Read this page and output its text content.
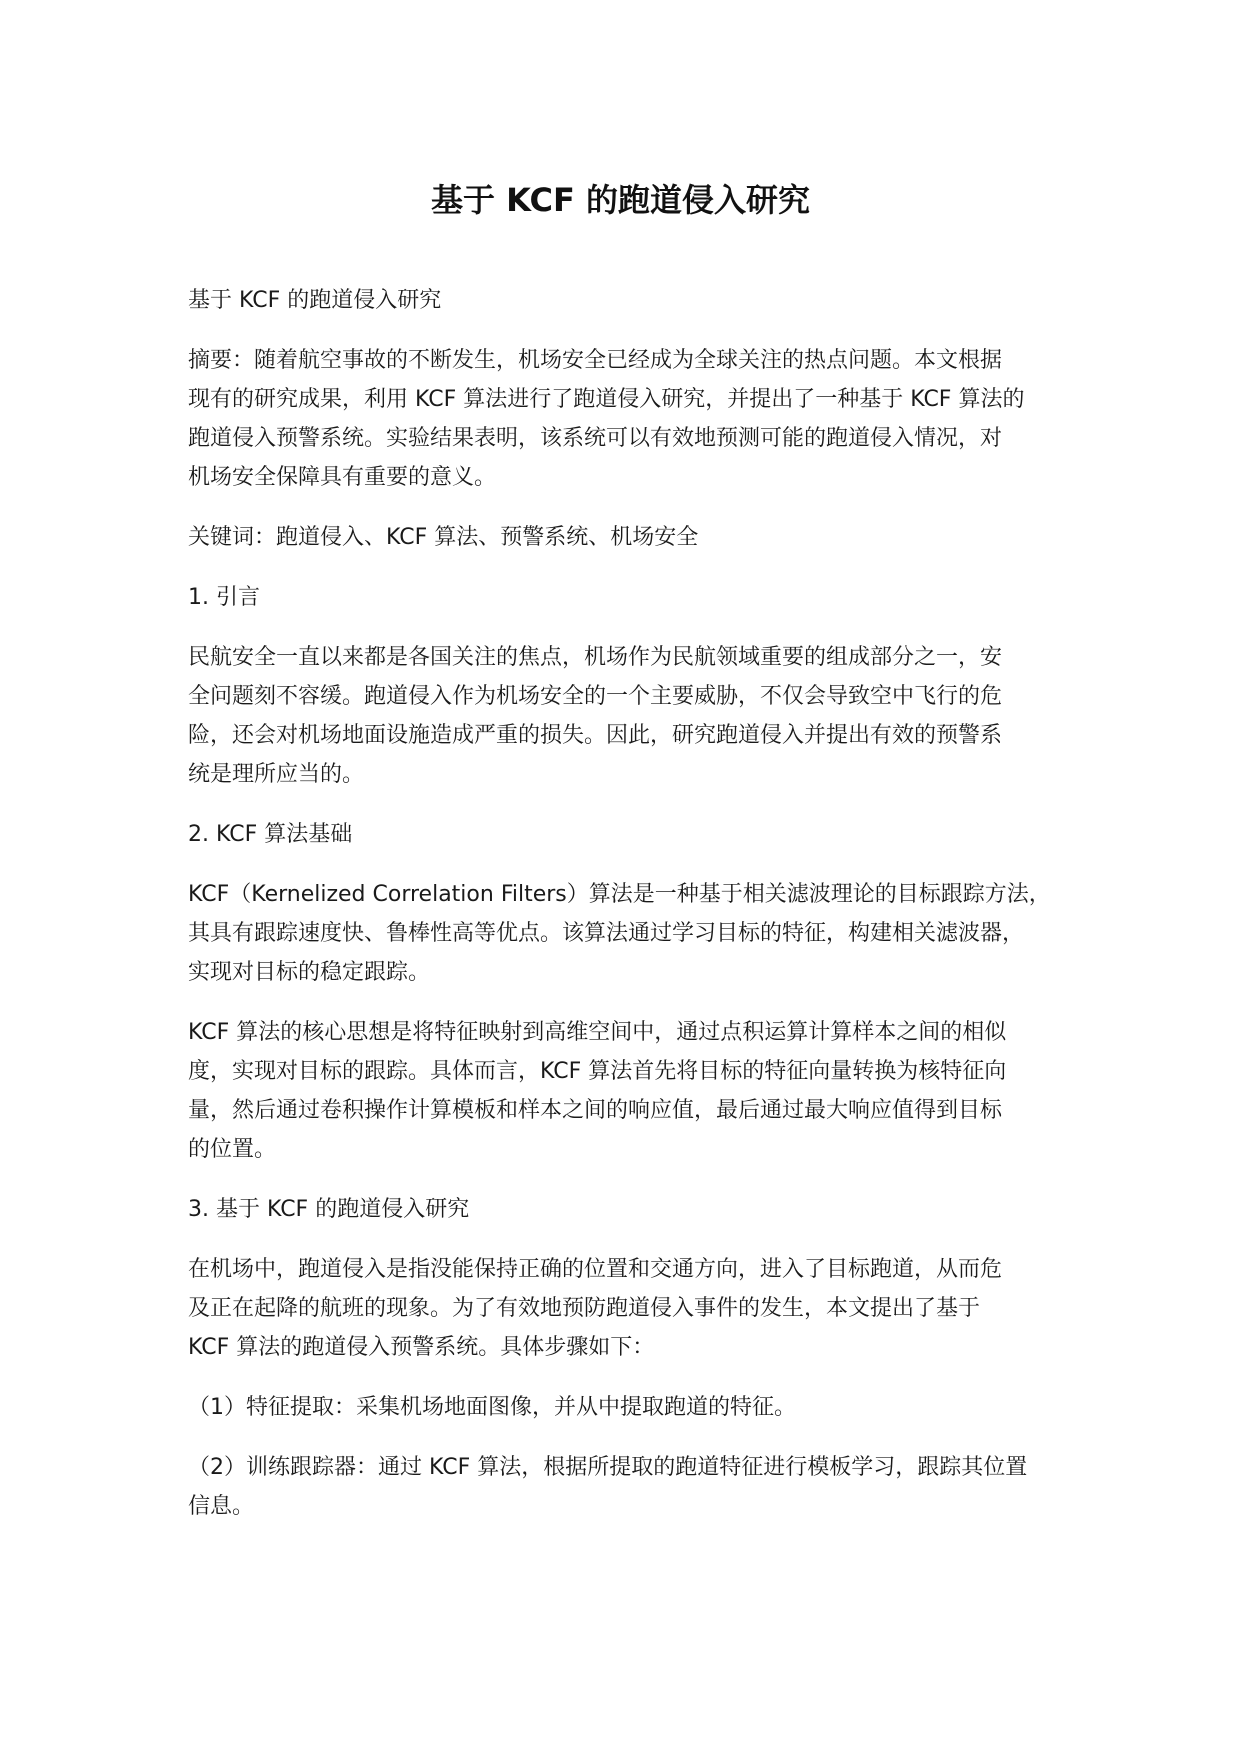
基于 KCF 的跑道侵入研究

基于 KCF 的跑道侵入研究

摘要：随着航空事故的不断发生，机场安全已经成为全球关注的热点问题。本文根据
现有的研究成果，利用 KCF 算法进行了跑道侵入研究，并提出了一种基于 KCF 算法的
跑道侵入预警系统。实验结果表明，该系统可以有效地预测可能的跑道侵入情况，对
机场安全保障具有重要的意义。

关键词：跑道侵入、KCF 算法、预警系统、机场安全

1. 引言

民航安全一直以来都是各国关注的焦点，机场作为民航领域重要的组成部分之一，安
全问题刻不容缓。跑道侵入作为机场安全的一个主要威胁，不仅会导致空中飞行的危
险，还会对机场地面设施造成严重的损失。因此，研究跑道侵入并提出有效的预警系
统是理所应当的。

2. KCF 算法基础

KCF（Kernelized Correlation Filters）算法是一种基于相关滤波理论的目标跟踪方法，
其具有跟踪速度快、鲁棒性高等优点。该算法通过学习目标的特征，构建相关滤波器，
实现对目标的稳定跟踪。

KCF 算法的核心思想是将特征映射到高维空间中，通过点积运算计算样本之间的相似
度，实现对目标的跟踪。具体而言，KCF 算法首先将目标的特征向量转换为核特征向
量，然后通过卷积操作计算模板和样本之间的响应值，最后通过最大响应值得到目标
的位置。

3. 基于 KCF 的跑道侵入研究

在机场中，跑道侵入是指没能保持正确的位置和交通方向，进入了目标跑道，从而危
及正在起降的航班的现象。为了有效地预防跑道侵入事件的发生，本文提出了基于
KCF 算法的跑道侵入预警系统。具体步骤如下：

（1）特征提取：采集机场地面图像，并从中提取跑道的特征。

（2）训练跟踪器：通过 KCF 算法，根据所提取的跑道特征进行模板学习，跟踪其位置
信息。
